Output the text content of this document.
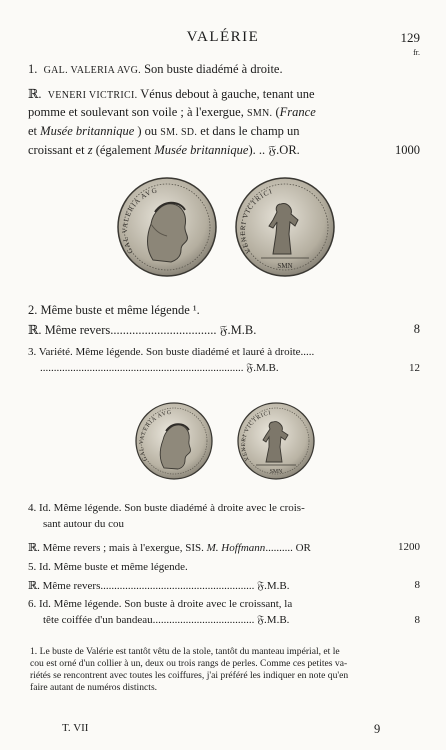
VALÉRIE	129
fr.
1. GAL. VALERIA AVG. Son buste diadémé à droite.
ℝ. VENERI VICTRICI. Vénus debout à gauche, tenant une
pomme et soulevant son voile ; à l'exergue, SMN. (France
et Musée britannique ) ou SM. SD. et dans le champ un
croissant et z (également Musée britannique). .. 𝔉.OR.	1000
GAL VALERIA AVG
SMN
VENERI VICTRICI
2. Même buste et même légende ¹.
ℝ. Même revers.................................. 𝔉.M.B.	8
3. Variété. Même légende. Son buste diadémé et lauré à droite.....
.......................................................................... 𝔉.M.B.	12
GAL VALERIA AVG
SMN
VENERI VICTRICI
4. Id. Même légende. Son buste diadémé à droite avec le crois-
sant autour du cou
ℝ. Même revers ; mais à l'exergue, SIS. M. Hoffmann.......... OR	1200
5. Id. Même buste et même légende.
ℝ. Même revers........................................................ 𝔉.M.B.	8
6. Id. Même légende. Son buste à droite avec le croissant, la
tête coiffée d'un bandeau..................................... 𝔉.M.B.	8
1. Le buste de Valérie est tantôt vêtu de la stole, tantôt du manteau impérial, et le
cou est orné d'un collier à un, deux ou trois rangs de perles. Comme ces petites va-
riétés se rencontrent avec toutes les coiffures, j'ai préféré les indiquer en note qu'en
faire autant de numéros distincts.
T. VII	9
